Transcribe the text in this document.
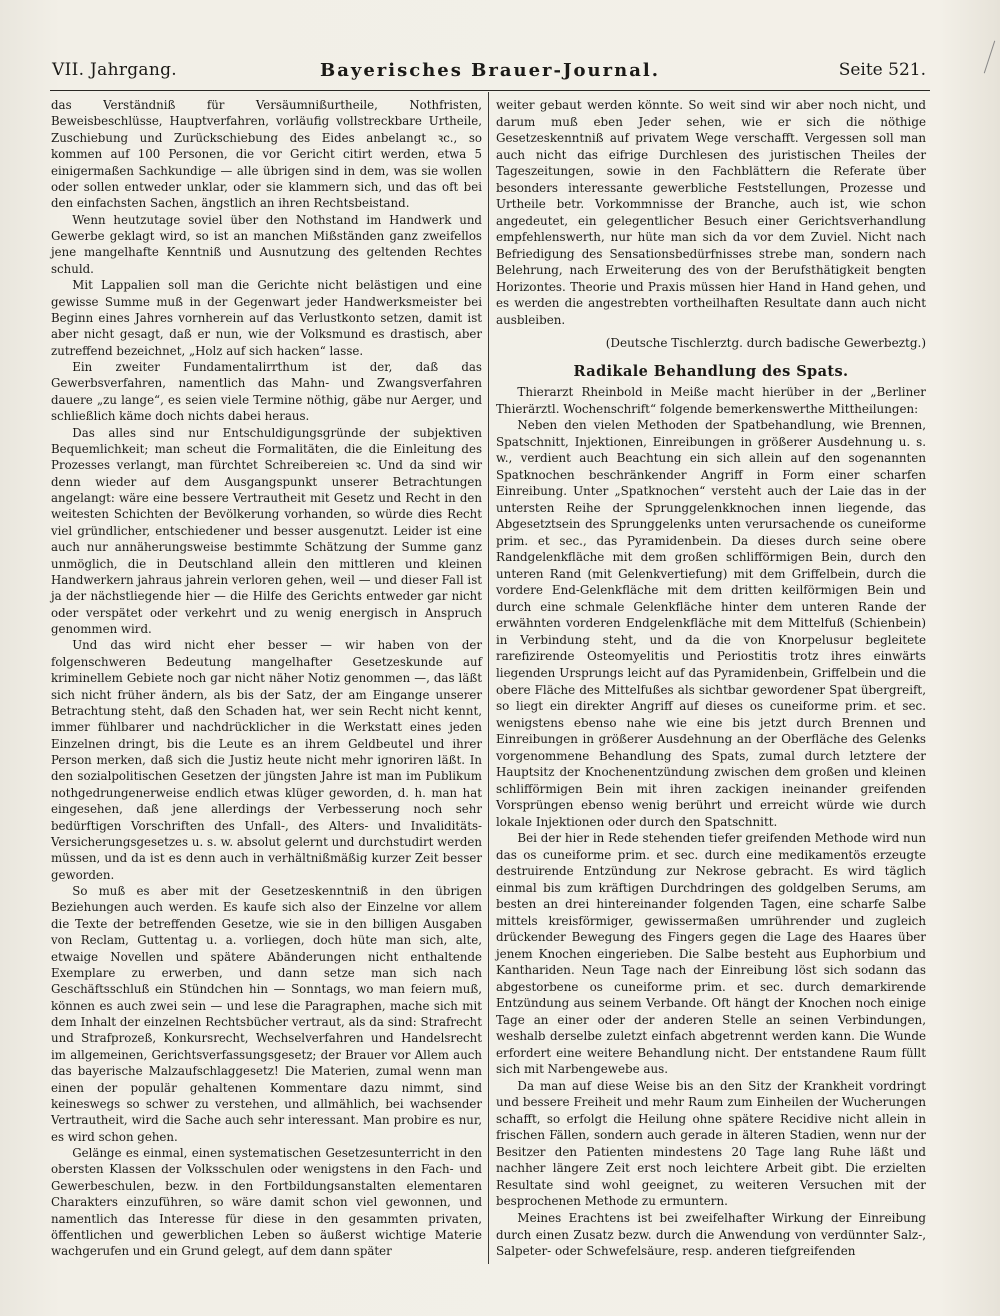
VII. Jahrgang.	Bayerisches Brauer-Journal.	Seite 521.

das Verständniß für Versäumnißurtheile, Nothfristen, Beweisbeschlüsse, Hauptverfahren, vorläufig vollstreckbare Urtheile, Zuschiebung und Zurückschiebung des Eides anbelangt ꝛc., so kommen auf 100 Personen, die vor Gericht citirt werden, etwa 5 einigermaßen Sachkundige — alle übrigen sind in dem, was sie wollen oder sollen entweder unklar, oder sie klammern sich, und das oft bei den einfachsten Sachen, ängstlich an ihren Rechtsbeistand.

Wenn heutzutage soviel über den Nothstand im Handwerk und Gewerbe geklagt wird, so ist an manchen Mißständen ganz zweifellos jene mangelhafte Kenntniß und Ausnutzung des geltenden Rechtes schuld.

Mit Lappalien soll man die Gerichte nicht belästigen und eine gewisse Summe muß in der Gegenwart jeder Handwerksmeister bei Beginn eines Jahres vornherein auf das Verlustkonto setzen, damit ist aber nicht gesagt, daß er nun, wie der Volksmund es drastisch, aber zutreffend bezeichnet, „Holz auf sich hacken“ lasse.

Ein zweiter Fundamentalirrthum ist der, daß das Gewerbsverfahren, namentlich das Mahn- und Zwangsverfahren dauere „zu lange“, es seien viele Termine nöthig, gäbe nur Aerger, und schließlich käme doch nichts dabei heraus.

Das alles sind nur Entschuldigungsgründe der subjektiven Bequemlichkeit; man scheut die Formalitäten, die die Einleitung des Prozesses verlangt, man fürchtet Schreibereien ꝛc. Und da sind wir denn wieder auf dem Ausgangspunkt unserer Betrachtungen angelangt: wäre eine bessere Vertrautheit mit Gesetz und Recht in den weitesten Schichten der Bevölkerung vorhanden, so würde dies Recht viel gründlicher, entschiedener und besser ausgenutzt. Leider ist eine auch nur annäherungsweise bestimmte Schätzung der Summe ganz unmöglich, die in Deutschland allein den mittleren und kleinen Handwerkern jahraus jahrein verloren gehen, weil — und dieser Fall ist ja der nächstliegende hier — die Hilfe des Gerichts entweder gar nicht oder verspätet oder verkehrt und zu wenig energisch in Anspruch genommen wird.

Und das wird nicht eher besser — wir haben von der folgenschweren Bedeutung mangelhafter Gesetzeskunde auf kriminellem Gebiete noch gar nicht näher Notiz genommen —, das läßt sich nicht früher ändern, als bis der Satz, der am Eingange unserer Betrachtung steht, daß den Schaden hat, wer sein Recht nicht kennt, immer fühlbarer und nachdrücklicher in die Werkstatt eines jeden Einzelnen dringt, bis die Leute es an ihrem Geldbeutel und ihrer Person merken, daß sich die Justiz heute nicht mehr ignoriren läßt. In den sozialpolitischen Gesetzen der jüngsten Jahre ist man im Publikum nothgedrungenerweise endlich etwas klüger geworden, d. h. man hat eingesehen, daß jene allerdings der Verbesserung noch sehr bedürftigen Vorschriften des Unfall-, des Alters- und Invaliditäts-Versicherungsgesetzes u. s. w. absolut gelernt und durchstudirt werden müssen, und da ist es denn auch in verhältnißmäßig kurzer Zeit besser geworden.

So muß es aber mit der Gesetzeskenntniß in den übrigen Beziehungen auch werden. Es kaufe sich also der Einzelne vor allem die Texte der betreffenden Gesetze, wie sie in den billigen Ausgaben von Reclam, Guttentag u. a. vorliegen, doch hüte man sich, alte, etwaige Novellen und spätere Abänderungen nicht enthaltende Exemplare zu erwerben, und dann setze man sich nach Geschäftsschluß ein Stündchen hin — Sonntags, wo man feiern muß, können es auch zwei sein — und lese die Paragraphen, mache sich mit dem Inhalt der einzelnen Rechtsbücher vertraut, als da sind: Strafrecht und Strafprozeß, Konkursrecht, Wechselverfahren und Handelsrecht im allgemeinen, Gerichtsverfassungsgesetz; der Brauer vor Allem auch das bayerische Malzaufschlaggesetz! Die Materien, zumal wenn man einen der populär gehaltenen Kommentare dazu nimmt, sind keineswegs so schwer zu verstehen, und allmählich, bei wachsender Vertrautheit, wird die Sache auch sehr interessant. Man probire es nur, es wird schon gehen.

Gelänge es einmal, einen systematischen Gesetzesunterricht in den obersten Klassen der Volksschulen oder wenigstens in den Fach- und Gewerbeschulen, bezw. in den Fortbildungsanstalten elementaren Charakters einzuführen, so wäre damit schon viel gewonnen, und namentlich das Interesse für diese in den gesammten privaten, öffentlichen und gewerblichen Leben so äußerst wichtige Materie wachgerufen und ein Grund gelegt, auf dem dann später

weiter gebaut werden könnte. So weit sind wir aber noch nicht, und darum muß eben Jeder sehen, wie er sich die nöthige Gesetzeskenntniß auf privatem Wege verschafft. Vergessen soll man auch nicht das eifrige Durchlesen des juristischen Theiles der Tageszeitungen, sowie in den Fachblättern die Referate über besonders interessante gewerbliche Feststellungen, Prozesse und Urtheile betr. Vorkommnisse der Branche, auch ist, wie schon angedeutet, ein gelegentlicher Besuch einer Gerichtsverhandlung empfehlenswerth, nur hüte man sich da vor dem Zuviel. Nicht nach Befriedigung des Sensationsbedürfnisses strebe man, sondern nach Belehrung, nach Erweiterung des von der Berufsthätigkeit bengten Horizontes. Theorie und Praxis müssen hier Hand in Hand gehen, und es werden die angestrebten vortheilhaften Resultate dann auch nicht ausbleiben.

(Deutsche Tischlerztg. durch badische Gewerbeztg.)
Radikale Behandlung des Spats.

Thierarzt Rheinbold in Meiße macht hierüber in der „Berliner Thierärztl. Wochenschrift“ folgende bemerkenswerthe Mittheilungen:

Neben den vielen Methoden der Spatbehandlung, wie Brennen, Spatschnitt, Injektionen, Einreibungen in größerer Ausdehnung u. s. w., verdient auch Beachtung ein sich allein auf den sogenannten Spatknochen beschränkender Angriff in Form einer scharfen Einreibung. Unter „Spatknochen“ versteht auch der Laie das in der untersten Reihe der Sprunggelenkknochen innen liegende, das Abgesetztsein des Sprunggelenks unten verursachende os cuneiforme prim. et sec., das Pyramidenbein. Da dieses durch seine obere Randgelenkfläche mit dem großen schlifförmigen Bein, durch den unteren Rand (mit Gelenkvertiefung) mit dem Griffelbein, durch die vordere End-Gelenkfläche mit dem dritten keilförmigen Bein und durch eine schmale Gelenkfläche hinter dem unteren Rande der erwähnten vorderen Endgelenkfläche mit dem Mittelfuß (Schienbein) in Verbindung steht, und da die von Knorpelusur begleitete rarefizirende Osteomyelitis und Periostitis trotz ihres einwärts liegenden Ursprungs leicht auf das Pyramidenbein, Griffelbein und die obere Fläche des Mittelfußes als sichtbar gewordener Spat übergreift, so liegt ein direkter Angriff auf dieses os cuneiforme prim. et sec. wenigstens ebenso nahe wie eine bis jetzt durch Brennen und Einreibungen in größerer Ausdehnung an der Oberfläche des Gelenks vorgenommene Behandlung des Spats, zumal durch letztere der Hauptsitz der Knochenentzündung zwischen dem großen und kleinen schlifförmigen Bein mit ihren zackigen ineinander greifenden Vorsprüngen ebenso wenig berührt und erreicht würde wie durch lokale Injektionen oder durch den Spatschnitt.

Bei der hier in Rede stehenden tiefer greifenden Methode wird nun das os cuneiforme prim. et sec. durch eine medikamentös erzeugte destruirende Entzündung zur Nekrose gebracht. Es wird täglich einmal bis zum kräftigen Durchdringen des goldgelben Serums, am besten an drei hintereinander folgenden Tagen, eine scharfe Salbe mittels kreisförmiger, gewissermaßen umrührender und zugleich drückender Bewegung des Fingers gegen die Lage des Haares über jenem Knochen eingerieben. Die Salbe besteht aus Euphorbium und Kanthariden. Neun Tage nach der Einreibung löst sich sodann das abgestorbene os cuneiforme prim. et sec. durch demarkirende Entzündung aus seinem Verbande. Oft hängt der Knochen noch einige Tage an einer oder der anderen Stelle an seinen Verbindungen, weshalb derselbe zuletzt einfach abgetrennt werden kann. Die Wunde erfordert eine weitere Behandlung nicht. Der entstandene Raum füllt sich mit Narbengewebe aus.

Da man auf diese Weise bis an den Sitz der Krankheit vordringt und bessere Freiheit und mehr Raum zum Einheilen der Wucherungen schafft, so erfolgt die Heilung ohne spätere Recidive nicht allein in frischen Fällen, sondern auch gerade in älteren Stadien, wenn nur der Besitzer den Patienten mindestens 20 Tage lang Ruhe läßt und nachher längere Zeit erst noch leichtere Arbeit gibt. Die erzielten Resultate sind wohl geeignet, zu weiteren Versuchen mit der besprochenen Methode zu ermuntern.

Meines Erachtens ist bei zweifelhafter Wirkung der Einreibung durch einen Zusatz bezw. durch die Anwendung von verdünnter Salz-, Salpeter- oder Schwefelsäure, resp. anderen tiefgreifenden
